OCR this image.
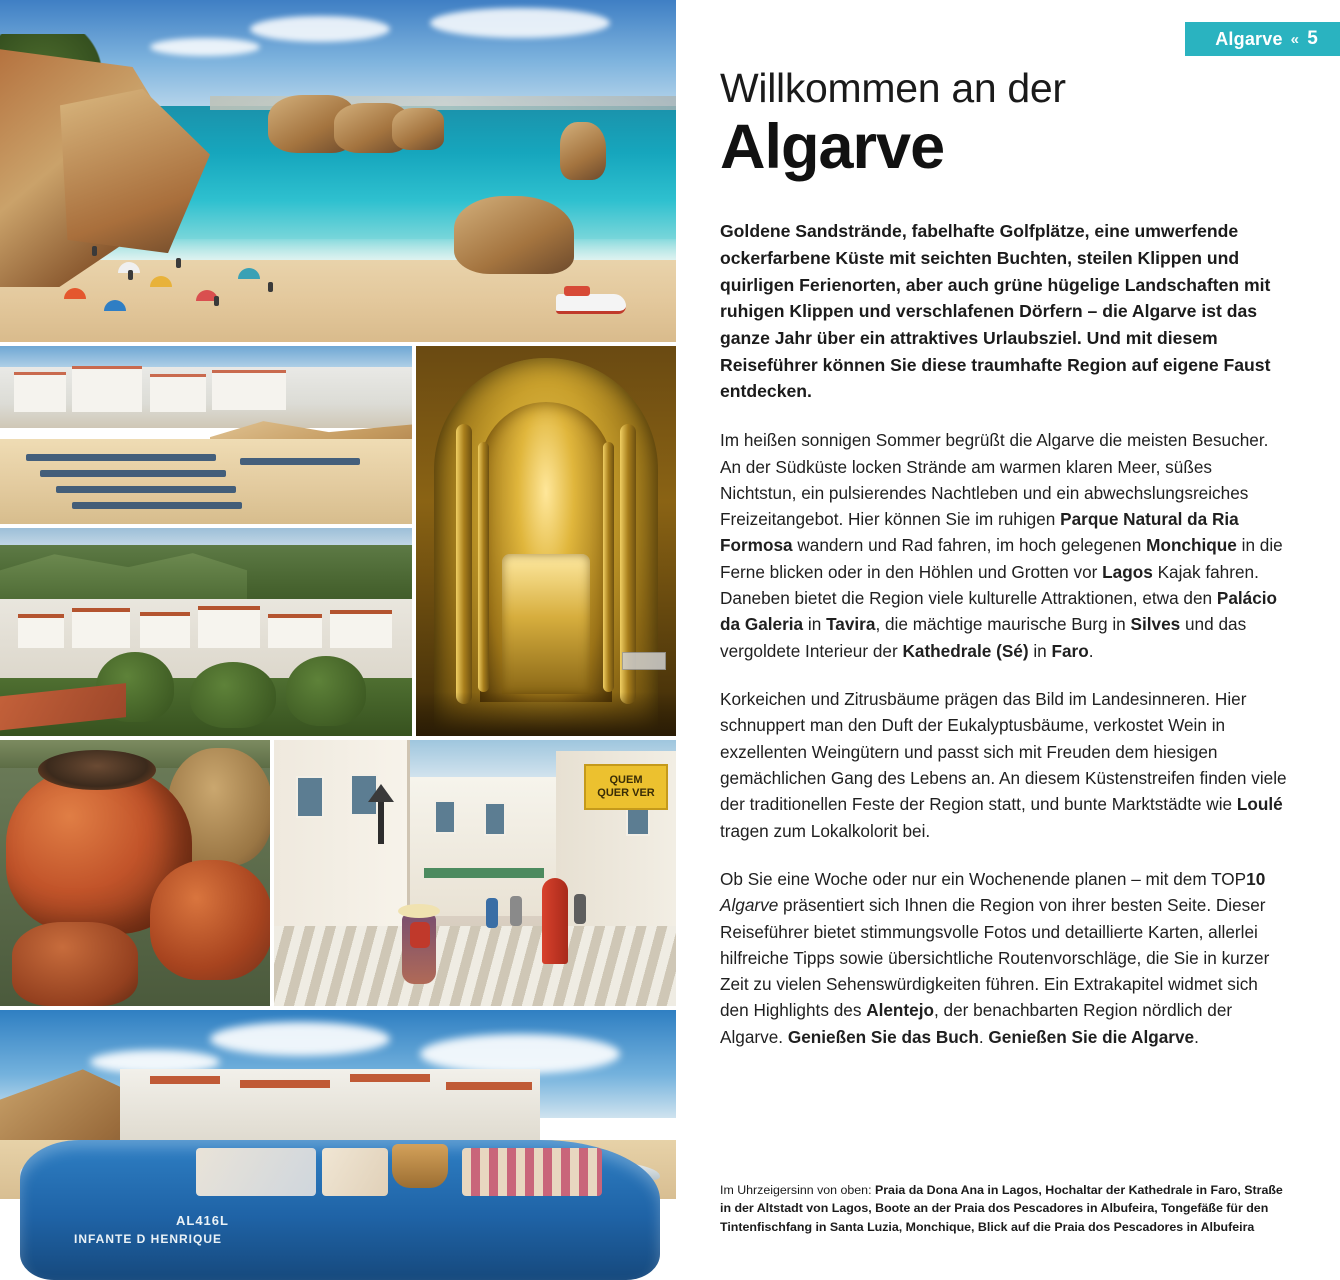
QUEM
QUER VER
INFANTE D HENRIQUE
AL416L
Algarve « 5
Willkommen an der
Algarve

Goldene Sandstrände, fabelhafte Golfplätze, eine umwerfende ockerfarbene Küste mit seichten Buchten, steilen Klippen und quirligen Ferienorten, aber auch grüne hügelige Landschaften mit ruhigen Klippen und verschlafenen Dörfern – die Algarve ist das ganze Jahr über ein attraktives Urlaubsziel. Und mit diesem Reiseführer können Sie diese traumhafte Region auf eigene Faust entdecken.

Im heißen sonnigen Sommer begrüßt die Algarve die meisten Besucher. An der Südküste locken Strände am warmen klaren Meer, süßes Nichtstun, ein pulsierendes Nachtleben und ein abwechslungsreiches Freizeitangebot. Hier können Sie im ruhigen Parque Natural da Ria Formosa wandern und Rad fahren, im hoch gelegenen Monchique in die Ferne blicken oder in den Höhlen und Grotten vor Lagos Kajak fahren. Daneben bietet die Region viele kulturelle Attraktionen, etwa den Palácio da Galeria in Tavira, die mächtige maurische Burg in Silves und das vergoldete Interieur der Kathedrale (Sé) in Faro.

Korkeichen und Zitrusbäume prägen das Bild im Landesinneren. Hier schnuppert man den Duft der Eukalyptusbäume, verkostet Wein in exzellenten Weingütern und passt sich mit Freuden dem hiesigen gemächlichen Gang des Lebens an. An diesem Küstenstreifen finden viele der traditionellen Feste der Region statt, und bunte Marktstädte wie Loulé tragen zum Lokalkolorit bei.

Ob Sie eine Woche oder nur ein Wochenende planen – mit dem TOP10 Algarve präsentiert sich Ihnen die Region von ihrer besten Seite. Dieser Reiseführer bietet stimmungsvolle Fotos und detaillierte Karten, allerlei hilfreiche Tipps sowie übersichtliche Routenvorschläge, die Sie in kurzer Zeit zu vielen Sehenswürdigkeiten führen. Ein Extrakapitel widmet sich den Highlights des Alentejo, der benachbarten Region nördlich der Algarve. Genießen Sie das Buch. Genießen Sie die Algarve.

Im Uhrzeigersinn von oben: Praia da Dona Ana in Lagos, Hochaltar der Kathedrale in Faro, Straße in der Altstadt von Lagos, Boote an der Praia dos Pescadores in Albufeira, Tongefäße für den Tintenfischfang in Santa Luzia, Monchique, Blick auf die Praia dos Pescadores in Albufeira
